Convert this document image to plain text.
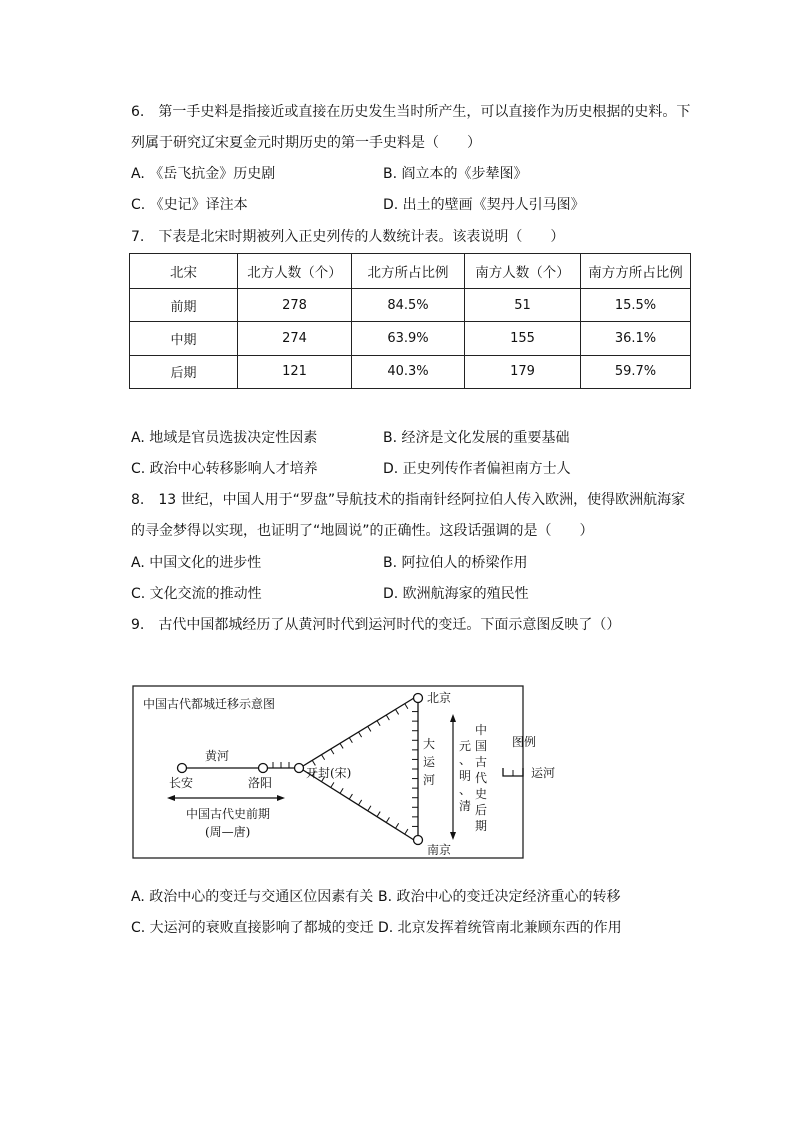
6.　第一手史料是指接近或直接在历史发生当时所产生，可以直接作为历史根据的史料。下
列属于研究辽宋夏金元时期历史的第一手史料是（　　）
A. 《岳飞抗金》历史剧	B. 阎立本的《步辇图》
C. 《史记》译注本	D. 出土的壁画《契丹人引马图》
7.　下表是北宋时期被列入正史列传的人数统计表。该表说明（　　）
北宋	北方人数（个）	北方所占比例	南方人数（个）	南方方所占比例
前期	278	84.5%	51	15.5%
中期	274	63.9%	155	36.1%
后期	121	40.3%	179	59.7%
A. 地域是官员选拔决定性因素	B. 经济是文化发展的重要基础
C. 政治中心转移影响人才培养	D. 正史列传作者偏袒南方士人
8.　13 世纪，中国人用于“罗盘”导航技术的指南针经阿拉伯人传入欧洲，使得欧洲航海家
的寻金梦得以实现，也证明了“地圆说”的正确性。这段话强调的是（　　）
A. 中国文化的进步性	B. 阿拉伯人的桥梁作用
C. 文化交流的推动性	D. 欧洲航海家的殖民性
9.　古代中国都城经历了从黄河时代到运河时代的变迁。下面示意图反映了（）
中国古代都城迁移示意图
长安	洛阳
开封(宋)
北京
南京
黄河
大
运
河
中国古代史前期
(周—唐)
中
国
古
代
史
后
期
元
、
明
、
清
图例
运河
A. 政治中心的变迁与交通区位因素有关 B. 政治中心的变迁决定经济重心的转移
C. 大运河的衰败直接影响了都城的变迁 D. 北京发挥着统管南北兼顾东西的作用
